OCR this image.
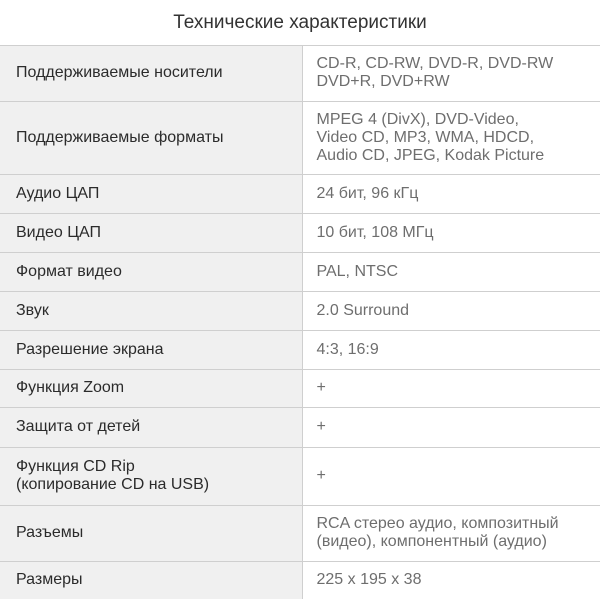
Технические характеристики
Поддерживаемые носители	CD-R, CD-RW, DVD-R, DVD-RW
DVD+R, DVD+RW
Поддерживаемые форматы	MPEG 4 (DivX), DVD-Video,
Video CD, MP3, WMA, HDCD,
Audio CD, JPEG, Kodak Picture
Аудио ЦАП	24 бит, 96 кГц
Видео ЦАП	10 бит, 108 МГц
Формат видео	PAL, NTSC
Звук	2.0 Surround
Разрешение экрана	4:3, 16:9
Функция Zoom	+
Защита от детей	+
Функция CD Rip
(копирование CD на USB)	+
Разъемы	RCA стерео аудио, композитный
(видео), компонентный (аудио)
Размеры	225 x 195 x 38
